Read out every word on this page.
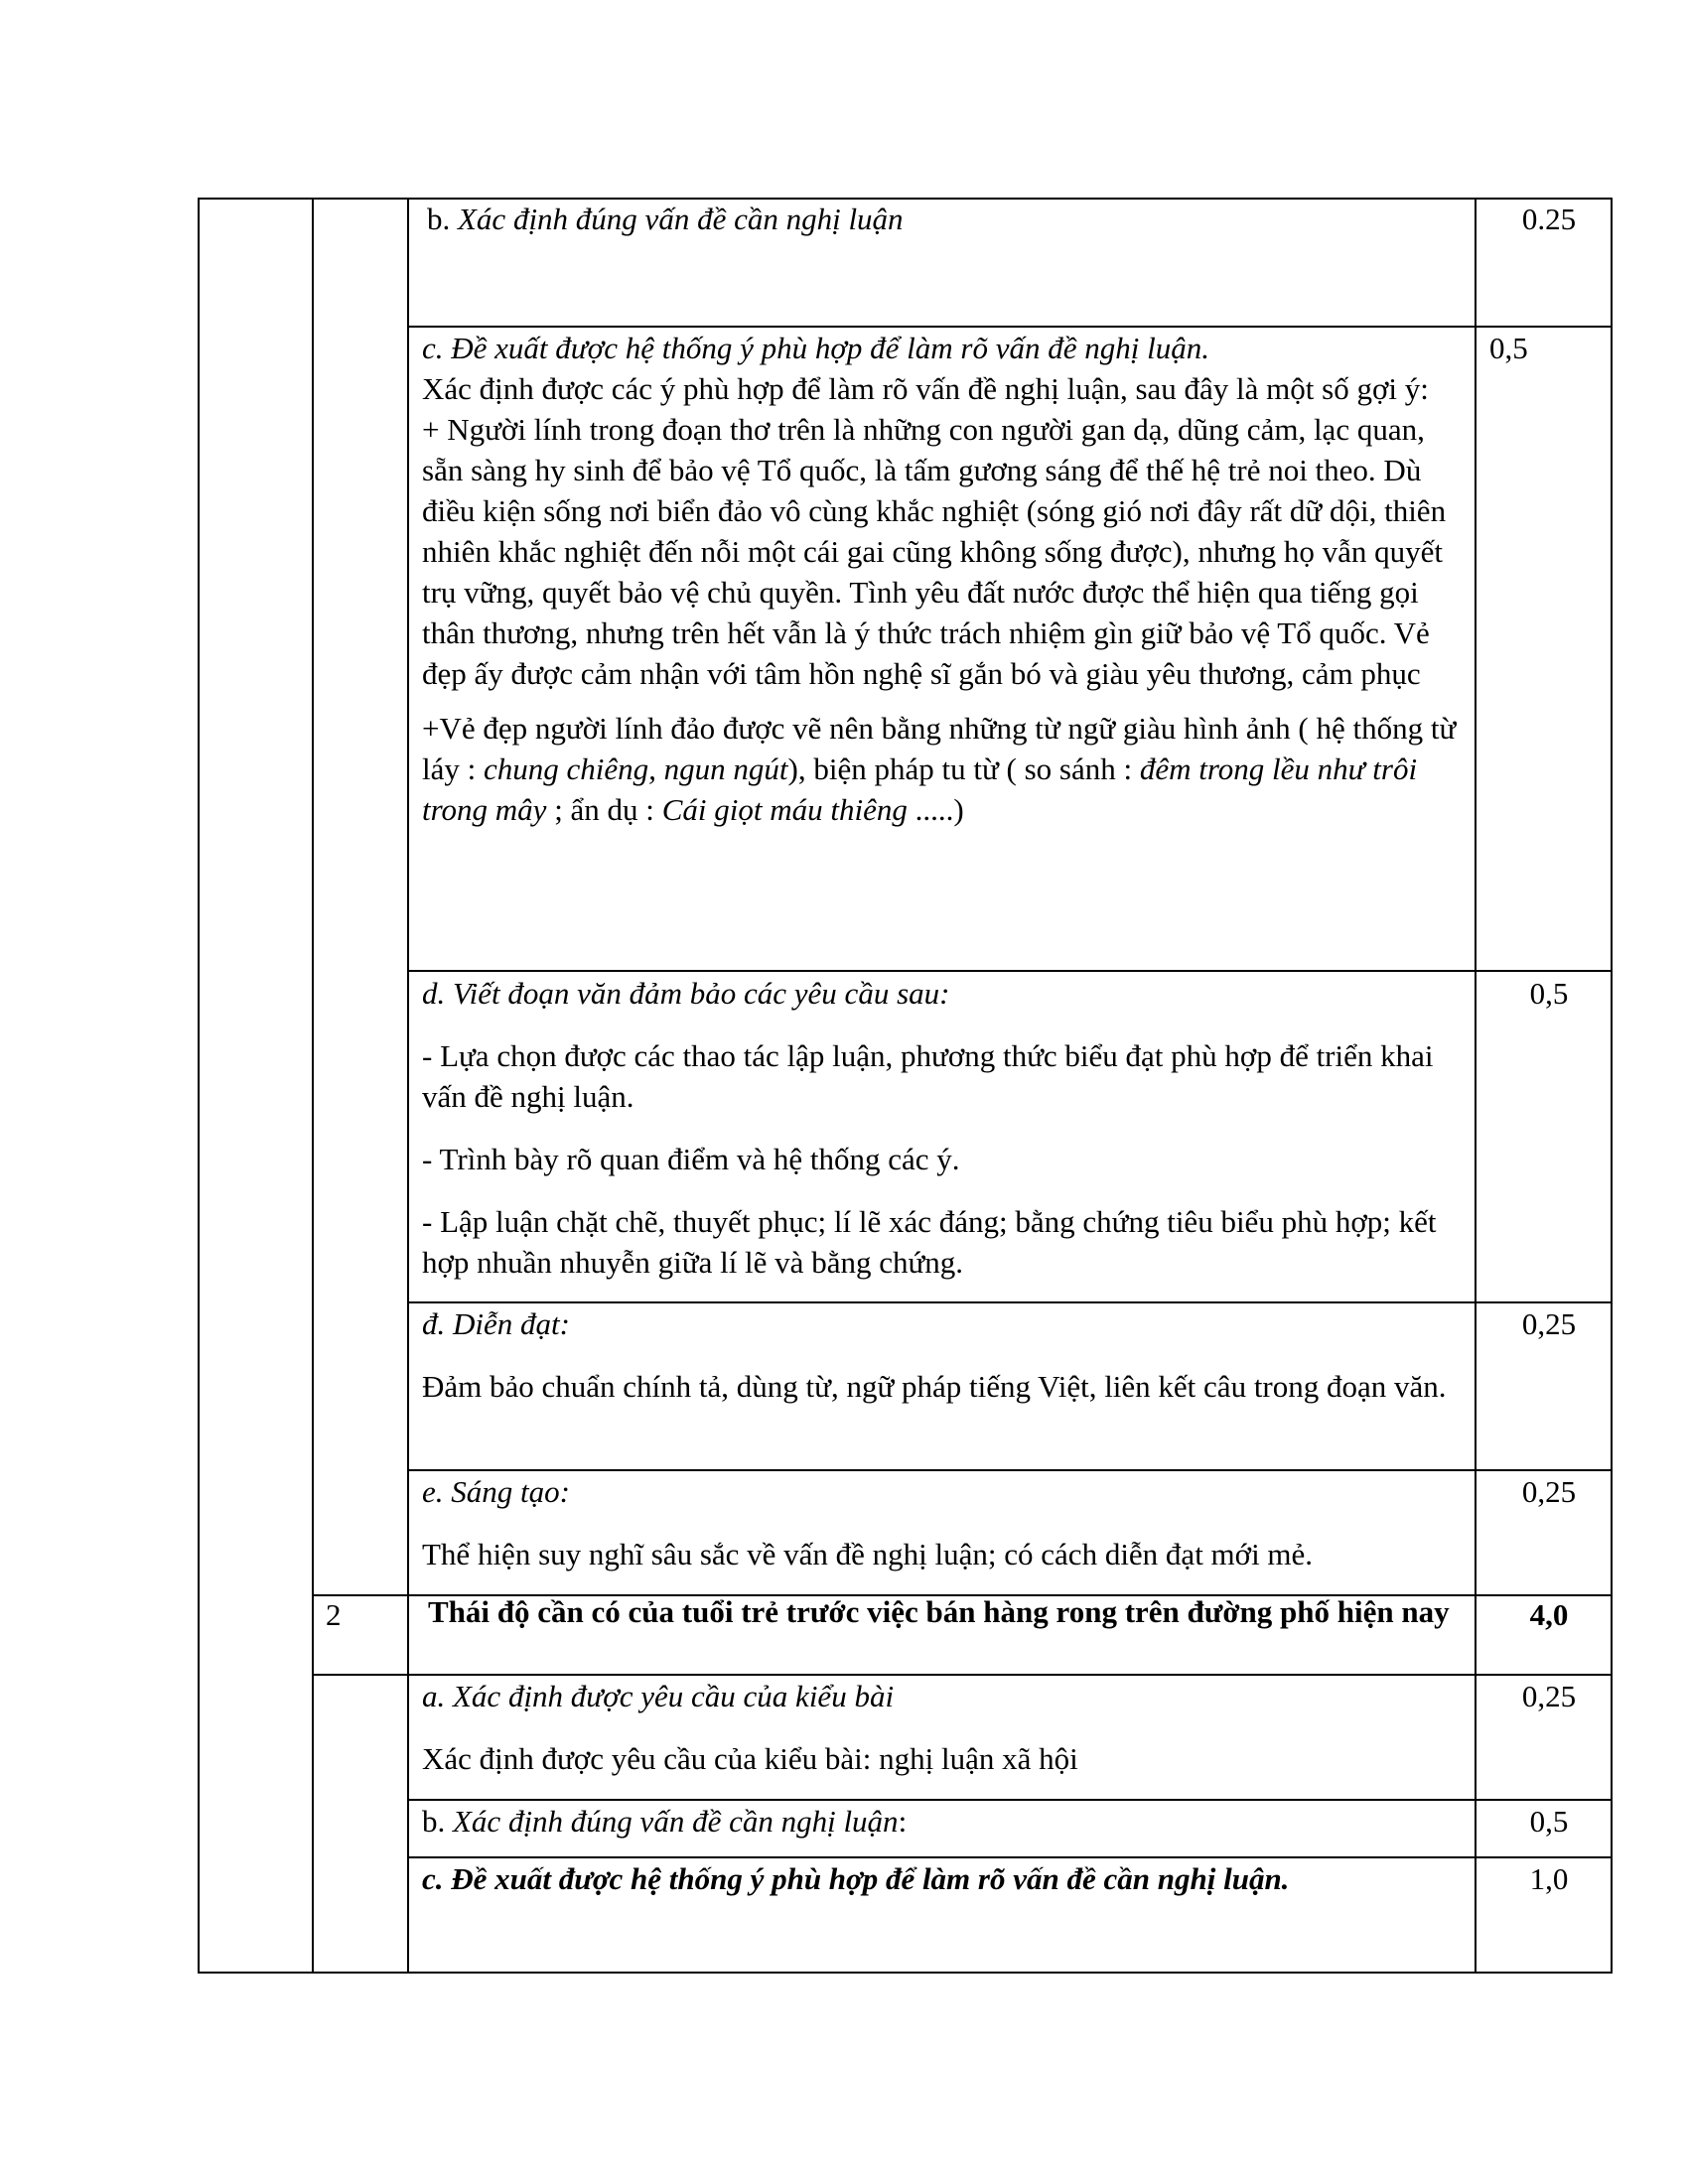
b. Xác định đúng vấn đề cần nghị luận	0.25
c. Đề xuất được hệ thống ý phù hợp để làm rõ vấn đề nghị luận.
Xác định được các ý phù hợp để làm rõ vấn đề nghị luận, sau đây là một số gợi ý:
+ Người lính trong đoạn thơ trên là những con người gan dạ, dũng cảm, lạc quan, sẵn sàng hy sinh để bảo vệ Tổ quốc, là tấm gương sáng để thế hệ trẻ noi theo. Dù điều kiện sống nơi biển đảo vô cùng khắc nghiệt (sóng gió nơi đây rất dữ dội, thiên nhiên khắc nghiệt đến nỗi một cái gai cũng không sống được), nhưng họ vẫn quyết trụ vững, quyết bảo vệ chủ quyền. Tình yêu đất nước được thể hiện qua tiếng gọi thân thương, nhưng trên hết vẫn là ý thức trách nhiệm gìn giữ bảo vệ Tổ quốc. Vẻ đẹp ấy được cảm nhận với tâm hồn nghệ sĩ gắn bó và giàu yêu thương, cảm phục
+Vẻ đẹp người lính đảo được vẽ nên bằng những từ ngữ giàu hình ảnh ( hệ thống từ láy : chung chiêng, ngun ngút), biện pháp tu từ ( so sánh : đêm trong lều như trôi trong mây ; ẩn dụ : Cái giọt máu thiêng .....)
0,5
d. Viết đoạn văn đảm bảo các yêu cầu sau:
- Lựa chọn được các thao tác lập luận, phương thức biểu đạt phù hợp để triển khai vấn đề nghị luận.
- Trình bày rõ quan điểm và hệ thống các ý.
- Lập luận chặt chẽ, thuyết phục; lí lẽ xác đáng; bằng chứng tiêu biểu phù hợp; kết hợp nhuần nhuyễn giữa lí lẽ và bằng chứng.
0,5
đ. Diễn đạt:
Đảm bảo chuẩn chính tả, dùng từ, ngữ pháp tiếng Việt, liên kết câu trong đoạn văn.
0,25
e. Sáng tạo:
Thể hiện suy nghĩ sâu sắc về vấn đề nghị luận; có cách diễn đạt mới mẻ.
0,25
2	Thái độ cần có của tuổi trẻ trước việc bán hàng rong trên đường phố hiện nay	4,0
a. Xác định được yêu cầu của kiểu bài
Xác định được yêu cầu của kiểu bài: nghị luận xã hội
0,25
b. Xác định đúng vấn đề cần nghị luận:	0,5
c. Đề xuất được hệ thống ý phù hợp để làm rõ vấn đề cần nghị luận.	1,0
